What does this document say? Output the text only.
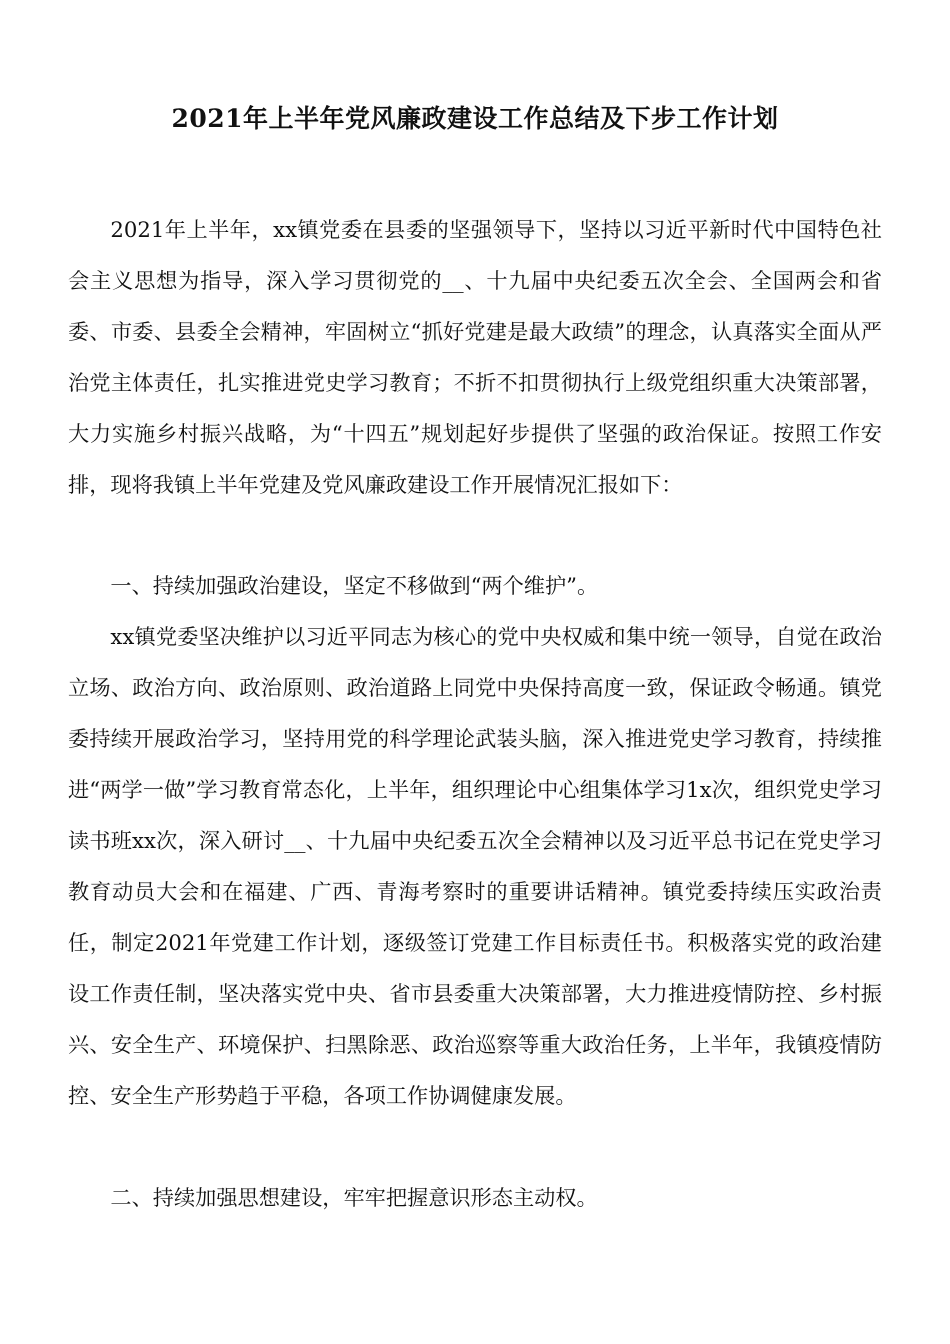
2021年上半年党风廉政建设工作总结及下步工作计划

2021年上半年，xx镇党委在县委的坚强领导下，坚持以习近平新时代中国特色社会主义思想为指导，深入学习贯彻党的__、十九届中央纪委五次全会、全国两会和省委、市委、县委全会精神，牢固树立“抓好党建是最大政绩”的理念，认真落实全面从严治党主体责任，扎实推进党史学习教育；不折不扣贯彻执行上级党组织重大决策部署，大力实施乡村振兴战略，为“十四五”规划起好步提供了坚强的政治保证。按照工作安排，现将我镇上半年党建及党风廉政建设工作开展情况汇报如下：

一、持续加强政治建设，坚定不移做到“两个维护”。

xx镇党委坚决维护以习近平同志为核心的党中央权威和集中统一领导，自觉在政治立场、政治方向、政治原则、政治道路上同党中央保持高度一致，保证政令畅通。镇党委持续开展政治学习，坚持用党的科学理论武装头脑，深入推进党史学习教育，持续推进“两学一做”学习教育常态化，上半年，组织理论中心组集体学习1x次，组织党史学习读书班xx次，深入研讨__、十九届中央纪委五次全会精神以及习近平总书记在党史学习教育动员大会和在福建、广西、青海考察时的重要讲话精神。镇党委持续压实政治责任，制定2021年党建工作计划，逐级签订党建工作目标责任书。积极落实党的政治建设工作责任制，坚决落实党中央、省市县委重大决策部署，大力推进疫情防控、乡村振兴、安全生产、环境保护、扫黑除恶、政治巡察等重大政治任务，上半年，我镇疫情防控、安全生产形势趋于平稳，各项工作协调健康发展。

二、持续加强思想建设，牢牢把握意识形态主动权。
